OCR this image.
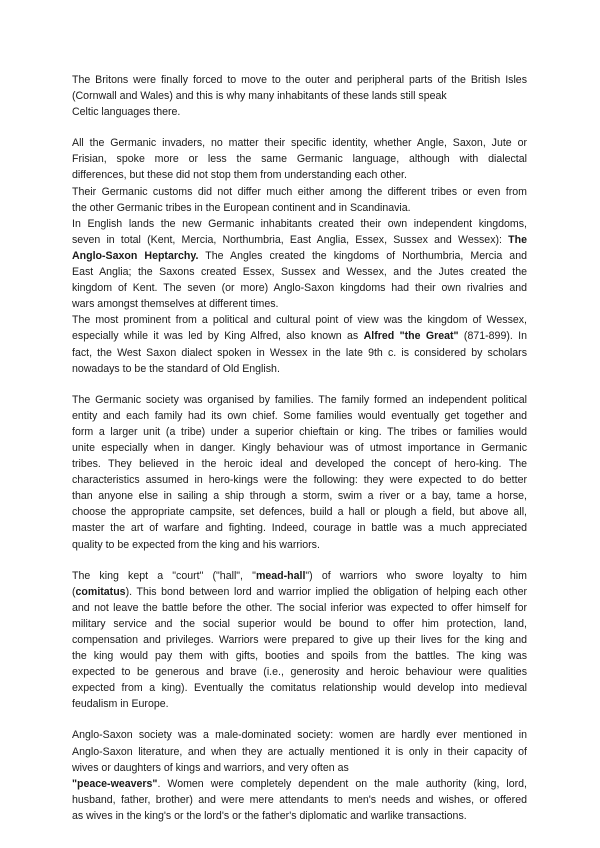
The Britons were finally forced to move to the outer and peripheral parts of the British Isles
(Cornwall and Wales) and this is why many inhabitants of these lands still speak
Celtic languages there.
All the Germanic invaders, no matter their specific identity, whether Angle, Saxon, Jute or
Frisian, spoke more or less the same Germanic language, although with dialectal
differences, but these did not stop them from understanding each other.
Their Germanic customs did not differ much either among the different tribes or even from
the other Germanic tribes in the European continent and in Scandinavia.
In English lands the new Germanic inhabitants created their own independent kingdoms,
seven in total (Kent, Mercia, Northumbria, East Anglia, Essex, Sussex and Wessex): The
Anglo-Saxon Heptarchy. The Angles created the kingdoms of Northumbria, Mercia and
East Anglia; the Saxons created Essex, Sussex and Wessex, and the Jutes created the
kingdom of Kent. The seven (or more) Anglo-Saxon kingdoms had their own rivalries and
wars amongst themselves at different times.
The most prominent from a political and cultural point of view was the kingdom of Wessex,
especially while it was led by King Alfred, also known as Alfred "the Great" (871-899). In
fact, the West Saxon dialect spoken in Wessex in the late 9th c. is considered by scholars
nowadays to be the standard of Old English.
The Germanic society was organised by families. The family formed an independent political
entity and each family had its own chief. Some families would eventually get together and
form a larger unit (a tribe) under a superior chieftain or king. The tribes or families would
unite especially when in danger. Kingly behaviour was of utmost importance in Germanic
tribes. They believed in the heroic ideal and developed the concept of hero-king. The
characteristics assumed in hero-kings were the following: they were expected to do better
than anyone else in sailing a ship through a storm, swim a river or a bay, tame a horse,
choose the appropriate campsite, set defences, build a hall or plough a field, but above all,
master the art of warfare and fighting. Indeed, courage in battle was a much appreciated
quality to be expected from the king and his warriors.
The king kept a "court" ("hall", "mead-hall") of warriors who swore loyalty to him
(comitatus). This bond between lord and warrior implied the obligation of helping each other
and not leave the battle before the other. The social inferior was expected to offer himself for
military service and the social superior would be bound to offer him protection, land,
compensation and privileges. Warriors were prepared to give up their lives for the king and
the king would pay them with gifts, booties and spoils from the battles. The king was
expected to be generous and brave (i.e., generosity and heroic behaviour were qualities
expected from a king). Eventually the comitatus relationship would develop into medieval
feudalism in Europe.
Anglo-Saxon society was a male-dominated society: women are hardly ever mentioned in
Anglo-Saxon literature, and when they are actually mentioned it is only in their capacity of
wives or daughters of kings and warriors, and very often as
"peace-weavers". Women were completely dependent on the male authority (king, lord,
husband, father, brother) and were mere attendants to men's needs and wishes, or offered
as wives in the king's or the lord's or the father's diplomatic and warlike transactions.
